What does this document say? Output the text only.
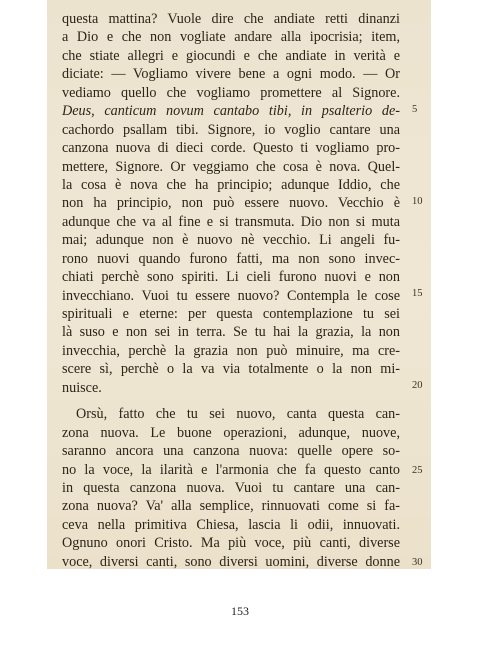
questa mattina? Vuole dire che andiate retti dinanzi
a Dio e che non vogliate andare alla ipocrisia; item,
che stiate allegri e giocundi e che andiate in verità e
diciate: — Vogliamo vivere bene a ogni modo. — Or
vediamo quello che vogliamo promettere al Signore.
Deus, canticum novum cantabo tibi, in psalterio de-
cachordo psallam tibi. Signore, io voglio cantare una
canzona nuova di dieci corde. Questo ti vogliamo pro-
mettere, Signore. Or veggiamo che cosa è nova. Quel-
la cosa è nova che ha principio; adunque Iddio, che
non ha principio, non può essere nuovo. Vecchio è
adunque che va al fine e si transmuta. Dio non si muta
mai; adunque non è nuovo nè vecchio. Li angeli fu-
rono nuovi quando furono fatti, ma non sono invec-
chiati perchè sono spiriti. Li cieli furono nuovi e non
invecchiano. Vuoi tu essere nuovo? Contempla le cose
spirituali e eterne: per questa contemplazione tu sei
là suso e non sei in terra. Se tu hai la grazia, la non
invecchia, perchè la grazia non può minuire, ma cre-
scere sì, perchè o la va via totalmente o la non mi-
nuisce.
Orsù, fatto che tu sei nuovo, canta questa can-
zona nuova. Le buone operazioni, adunque, nuove,
saranno ancora una canzona nuova: quelle opere so-
no la voce, la ilarità e l'armonia che fa questo canto
in questa canzona nuova. Vuoi tu cantare una can-
zona nuova? Va' alla semplice, rinnuovati come si fa-
ceva nella primitiva Chiesa, lascia li odii, innuovati.
Ognuno onori Cristo. Ma più voce, più canti, diverse
voce, diversi canti, sono diversi uomini, diverse donne
5
10
15
20
25
30
153
